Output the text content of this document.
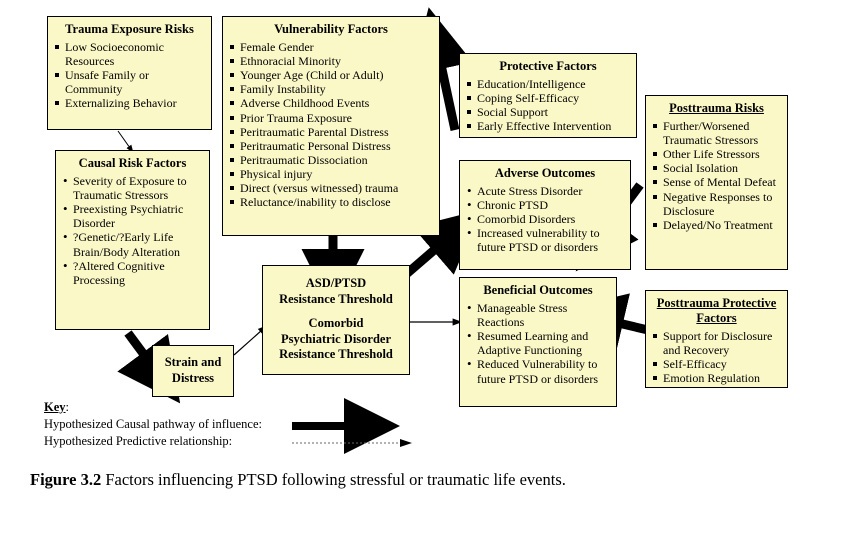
Trauma Exposure Risks
Low Socioeconomic Resources
Unsafe Family or Community
Externalizing Behavior
Vulnerability Factors
Female Gender
Ethnoracial Minority
Younger Age (Child or Adult)
Family Instability
Adverse Childhood Events
Prior Trauma Exposure
Peritraumatic Parental Distress
Peritraumatic Personal Distress
Peritraumatic Dissociation
Physical injury
Direct (versus witnessed) trauma
Reluctance/inability to disclose
Causal Risk Factors
• Severity of Exposure to Traumatic Stressors
• Preexisting Psychiatric Disorder
• ?Genetic/?Early Life Brain/Body Alteration
• ?Altered Cognitive Processing
Protective Factors
Education/Intelligence
Coping Self-Efficacy
Social Support
Early Effective Intervention
Posttrauma Risks
Further/Worsened Traumatic Stressors
Other Life Stressors
Social Isolation
Sense of Mental Defeat
Negative Responses to Disclosure
Delayed/No Treatment
Adverse Outcomes
• Acute Stress Disorder
• Chronic PTSD
• Comorbid Disorders
• Increased vulnerability to future PTSD or disorders
Beneficial Outcomes
• Manageable Stress Reactions
• Resumed Learning and Adaptive Functioning
• Reduced Vulnerability to future PTSD or disorders
Posttrauma Protective
Factors
Support for Disclosure and Recovery
Self-Efficacy
Emotion Regulation
ASD/PTSD
Resistance Threshold
Comorbid
Psychiatric Disorder
Resistance Threshold
Strain and
Distress
Key:
Hypothesized Causal pathway of influence:
Hypothesized Predictive relationship:
Figure 3.2 Factors influencing PTSD following stressful or traumatic life events.
